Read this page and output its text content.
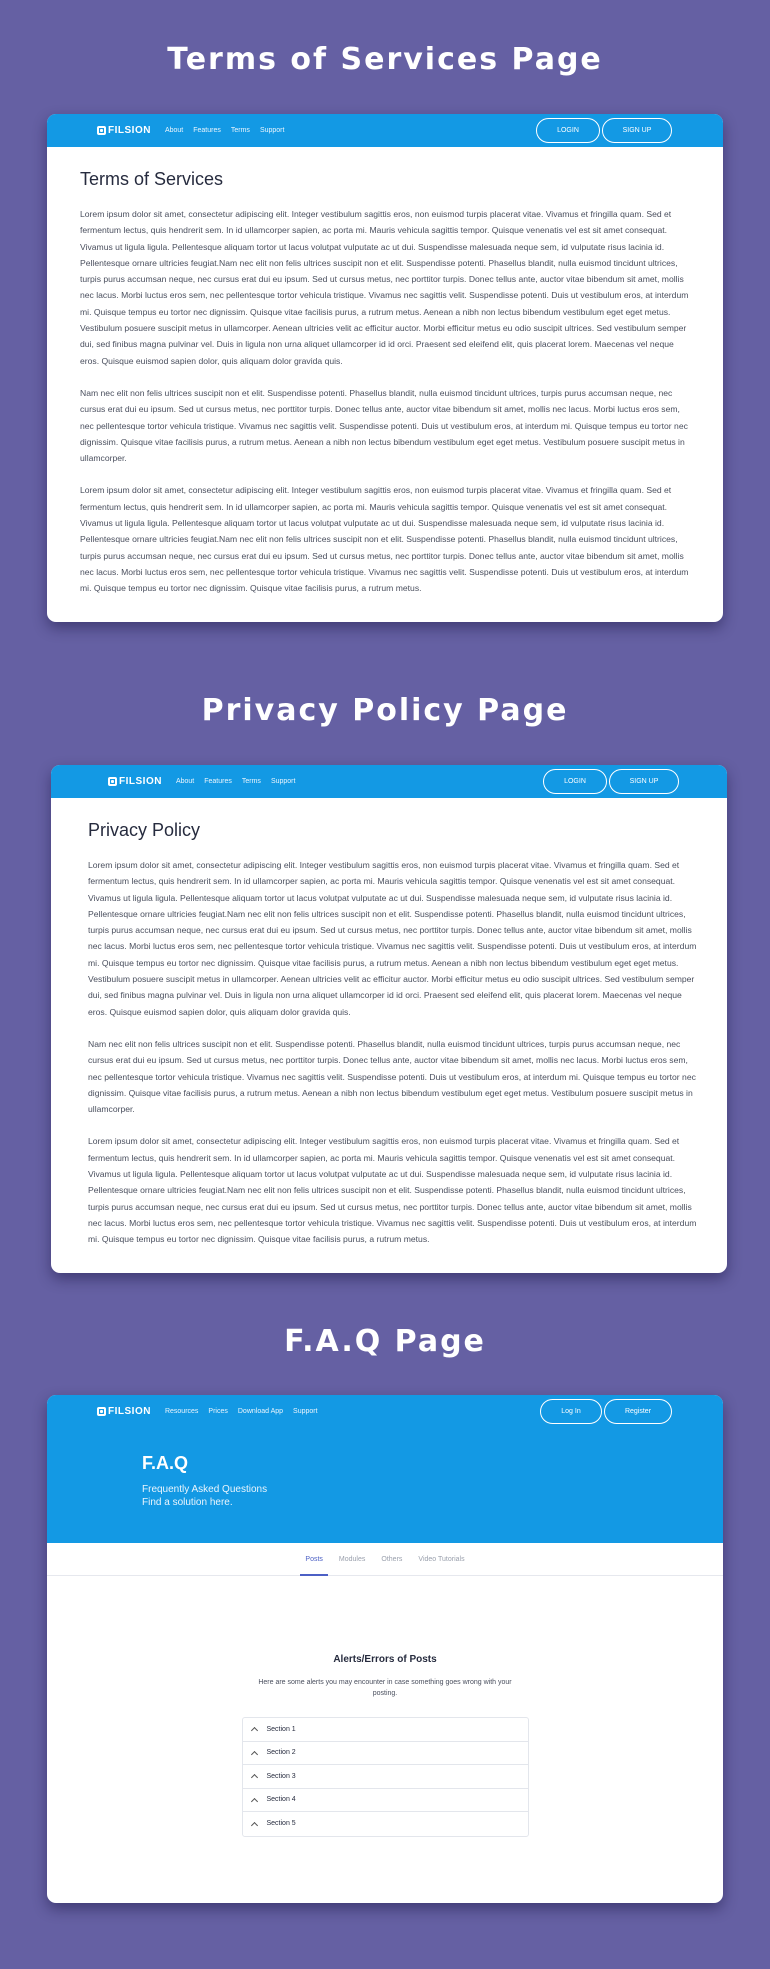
Terms of Services Page
FILSION About Features Terms Support	LOGIN	SIGN UP
Terms of Services

Lorem ipsum dolor sit amet, consectetur adipiscing elit. Integer vestibulum sagittis eros, non euismod turpis placerat vitae. Vivamus et fringilla quam. Sed et fermentum lectus, quis hendrerit sem. In id ullamcorper sapien, ac porta mi. Mauris vehicula sagittis tempor. Quisque venenatis vel est sit amet consequat. Vivamus ut ligula ligula. Pellentesque aliquam tortor ut lacus volutpat vulputate ac ut dui. Suspendisse malesuada neque sem, id vulputate risus lacinia id. Pellentesque ornare ultricies feugiat.Nam nec elit non felis ultrices suscipit non et elit. Suspendisse potenti. Phasellus blandit, nulla euismod tincidunt ultrices, turpis purus accumsan neque, nec cursus erat dui eu ipsum. Sed ut cursus metus, nec porttitor turpis. Donec tellus ante, auctor vitae bibendum sit amet, mollis nec lacus. Morbi luctus eros sem, nec pellentesque tortor vehicula tristique. Vivamus nec sagittis velit. Suspendisse potenti. Duis ut vestibulum eros, at interdum mi. Quisque tempus eu tortor nec dignissim. Quisque vitae facilisis purus, a rutrum metus. Aenean a nibh non lectus bibendum vestibulum eget eget metus. Vestibulum posuere suscipit metus in ullamcorper. Aenean ultricies velit ac efficitur auctor. Morbi efficitur metus eu odio suscipit ultrices. Sed vestibulum semper dui, sed finibus magna pulvinar vel. Duis in ligula non urna aliquet ullamcorper id id orci. Praesent sed eleifend elit, quis placerat lorem. Maecenas vel neque eros. Quisque euismod sapien dolor, quis aliquam dolor gravida quis.

Nam nec elit non felis ultrices suscipit non et elit. Suspendisse potenti. Phasellus blandit, nulla euismod tincidunt ultrices, turpis purus accumsan neque, nec cursus erat dui eu ipsum. Sed ut cursus metus, nec porttitor turpis. Donec tellus ante, auctor vitae bibendum sit amet, mollis nec lacus. Morbi luctus eros sem, nec pellentesque tortor vehicula tristique. Vivamus nec sagittis velit. Suspendisse potenti. Duis ut vestibulum eros, at interdum mi. Quisque tempus eu tortor nec dignissim. Quisque vitae facilisis purus, a rutrum metus. Aenean a nibh non lectus bibendum vestibulum eget eget metus. Vestibulum posuere suscipit metus in ullamcorper.

Lorem ipsum dolor sit amet, consectetur adipiscing elit. Integer vestibulum sagittis eros, non euismod turpis placerat vitae. Vivamus et fringilla quam. Sed et fermentum lectus, quis hendrerit sem. In id ullamcorper sapien, ac porta mi. Mauris vehicula sagittis tempor. Quisque venenatis vel est sit amet consequat. Vivamus ut ligula ligula. Pellentesque aliquam tortor ut lacus volutpat vulputate ac ut dui. Suspendisse malesuada neque sem, id vulputate risus lacinia id. Pellentesque ornare ultricies feugiat.Nam nec elit non felis ultrices suscipit non et elit. Suspendisse potenti. Phasellus blandit, nulla euismod tincidunt ultrices, turpis purus accumsan neque, nec cursus erat dui eu ipsum. Sed ut cursus metus, nec porttitor turpis. Donec tellus ante, auctor vitae bibendum sit amet, mollis nec lacus. Morbi luctus eros sem, nec pellentesque tortor vehicula tristique. Vivamus nec sagittis velit. Suspendisse potenti. Duis ut vestibulum eros, at interdum mi. Quisque tempus eu tortor nec dignissim. Quisque vitae facilisis purus, a rutrum metus.

Privacy Policy Page
FILSION About Features Terms Support	LOGIN	SIGN UP
Privacy Policy

Lorem ipsum dolor sit amet, consectetur adipiscing elit. Integer vestibulum sagittis eros, non euismod turpis placerat vitae. Vivamus et fringilla quam. Sed et fermentum lectus, quis hendrerit sem. In id ullamcorper sapien, ac porta mi. Mauris vehicula sagittis tempor. Quisque venenatis vel est sit amet consequat. Vivamus ut ligula ligula. Pellentesque aliquam tortor ut lacus volutpat vulputate ac ut dui. Suspendisse malesuada neque sem, id vulputate risus lacinia id. Pellentesque ornare ultricies feugiat.Nam nec elit non felis ultrices suscipit non et elit. Suspendisse potenti. Phasellus blandit, nulla euismod tincidunt ultrices, turpis purus accumsan neque, nec cursus erat dui eu ipsum. Sed ut cursus metus, nec porttitor turpis. Donec tellus ante, auctor vitae bibendum sit amet, mollis nec lacus. Morbi luctus eros sem, nec pellentesque tortor vehicula tristique. Vivamus nec sagittis velit. Suspendisse potenti. Duis ut vestibulum eros, at interdum mi. Quisque tempus eu tortor nec dignissim. Quisque vitae facilisis purus, a rutrum metus. Aenean a nibh non lectus bibendum vestibulum eget eget metus. Vestibulum posuere suscipit metus in ullamcorper. Aenean ultricies velit ac efficitur auctor. Morbi efficitur metus eu odio suscipit ultrices. Sed vestibulum semper dui, sed finibus magna pulvinar vel. Duis in ligula non urna aliquet ullamcorper id id orci. Praesent sed eleifend elit, quis placerat lorem. Maecenas vel neque eros. Quisque euismod sapien dolor, quis aliquam dolor gravida quis.

Nam nec elit non felis ultrices suscipit non et elit. Suspendisse potenti. Phasellus blandit, nulla euismod tincidunt ultrices, turpis purus accumsan neque, nec cursus erat dui eu ipsum. Sed ut cursus metus, nec porttitor turpis. Donec tellus ante, auctor vitae bibendum sit amet, mollis nec lacus. Morbi luctus eros sem, nec pellentesque tortor vehicula tristique. Vivamus nec sagittis velit. Suspendisse potenti. Duis ut vestibulum eros, at interdum mi. Quisque tempus eu tortor nec dignissim. Quisque vitae facilisis purus, a rutrum metus. Aenean a nibh non lectus bibendum vestibulum eget eget metus. Vestibulum posuere suscipit metus in ullamcorper.

Lorem ipsum dolor sit amet, consectetur adipiscing elit. Integer vestibulum sagittis eros, non euismod turpis placerat vitae. Vivamus et fringilla quam. Sed et fermentum lectus, quis hendrerit sem. In id ullamcorper sapien, ac porta mi. Mauris vehicula sagittis tempor. Quisque venenatis vel est sit amet consequat. Vivamus ut ligula ligula. Pellentesque aliquam tortor ut lacus volutpat vulputate ac ut dui. Suspendisse malesuada neque sem, id vulputate risus lacinia id. Pellentesque ornare ultricies feugiat.Nam nec elit non felis ultrices suscipit non et elit. Suspendisse potenti. Phasellus blandit, nulla euismod tincidunt ultrices, turpis purus accumsan neque, nec cursus erat dui eu ipsum. Sed ut cursus metus, nec porttitor turpis. Donec tellus ante, auctor vitae bibendum sit amet, mollis nec lacus. Morbi luctus eros sem, nec pellentesque tortor vehicula tristique. Vivamus nec sagittis velit. Suspendisse potenti. Duis ut vestibulum eros, at interdum mi. Quisque tempus eu tortor nec dignissim. Quisque vitae facilisis purus, a rutrum metus.

F.A.Q Page
FILSION Resources Prices Download App Support	Log In	Register
F.A.Q
Frequently Asked Questions
Find a solution here.
Posts Modules Others Video Tutorials
Alerts/Errors of Posts
Here are some alerts you may encounter in case something goes wrong with your posting.
Section 1
Section 2
Section 3
Section 4
Section 5
